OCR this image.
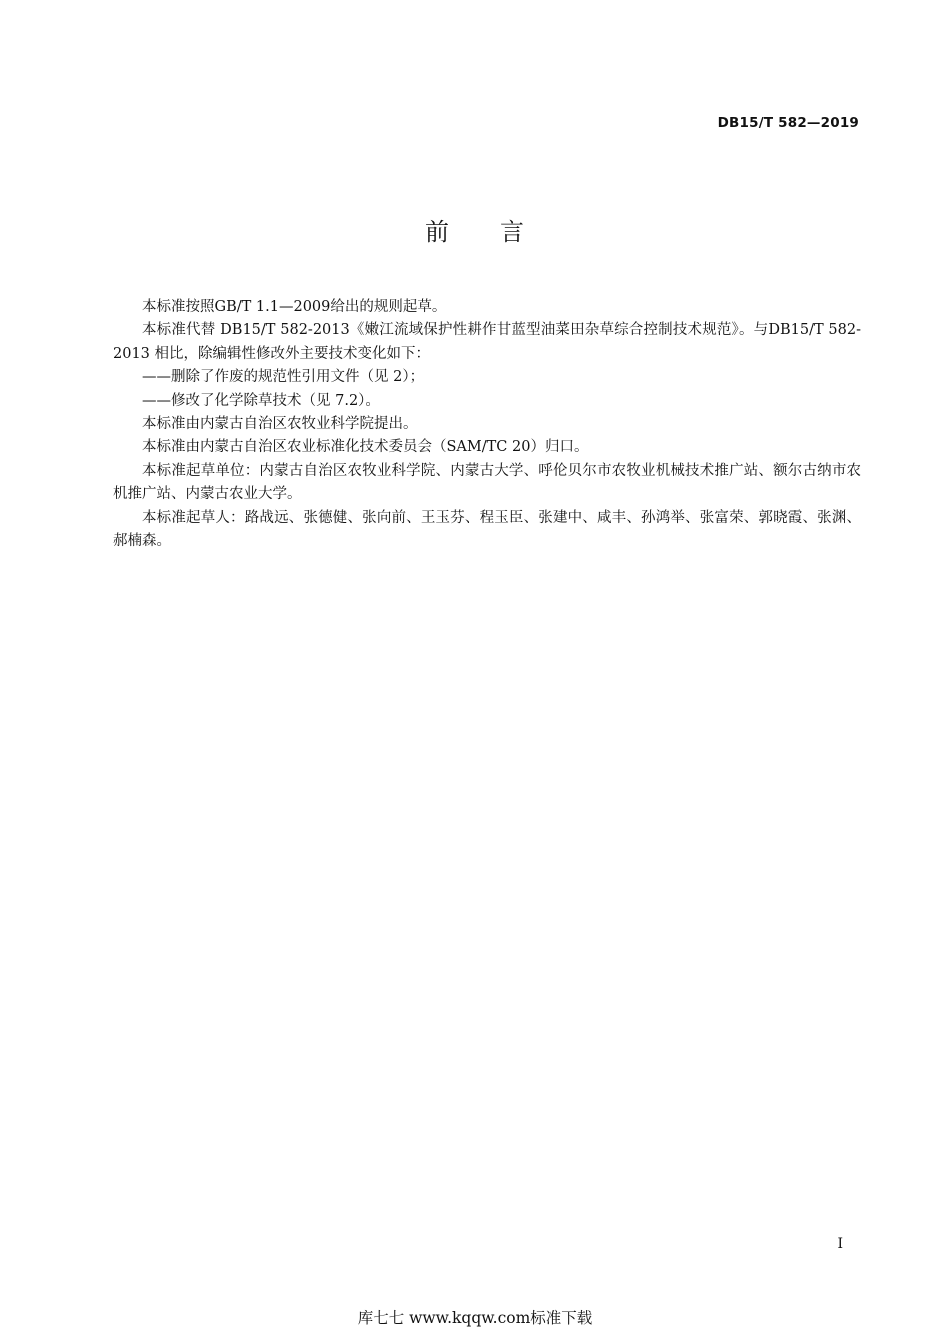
DB15/T 582—2019
前 言

本标准按照GB/T 1.1—2009给出的规则起草。

本标准代替 DB15/T 582-2013《嫩江流域保护性耕作甘蓝型油菜田杂草综合控制技术规范》。与DB15/T 582-2013 相比，除编辑性修改外主要技术变化如下：

——删除了作废的规范性引用文件（见 2）；

——修改了化学除草技术（见 7.2）。

本标准由内蒙古自治区农牧业科学院提出。

本标准由内蒙古自治区农业标准化技术委员会（SAM/TC 20）归口。

本标准起草单位：内蒙古自治区农牧业科学院、内蒙古大学、呼伦贝尔市农牧业机械技术推广站、额尔古纳市农机推广站、内蒙古农业大学。

本标准起草人：路战远、张德健、张向前、王玉芬、程玉臣、张建中、咸丰、孙鸿举、张富荣、郭晓霞、张渊、郝楠森。

I
库七七 www.kqqw.com标准下载
